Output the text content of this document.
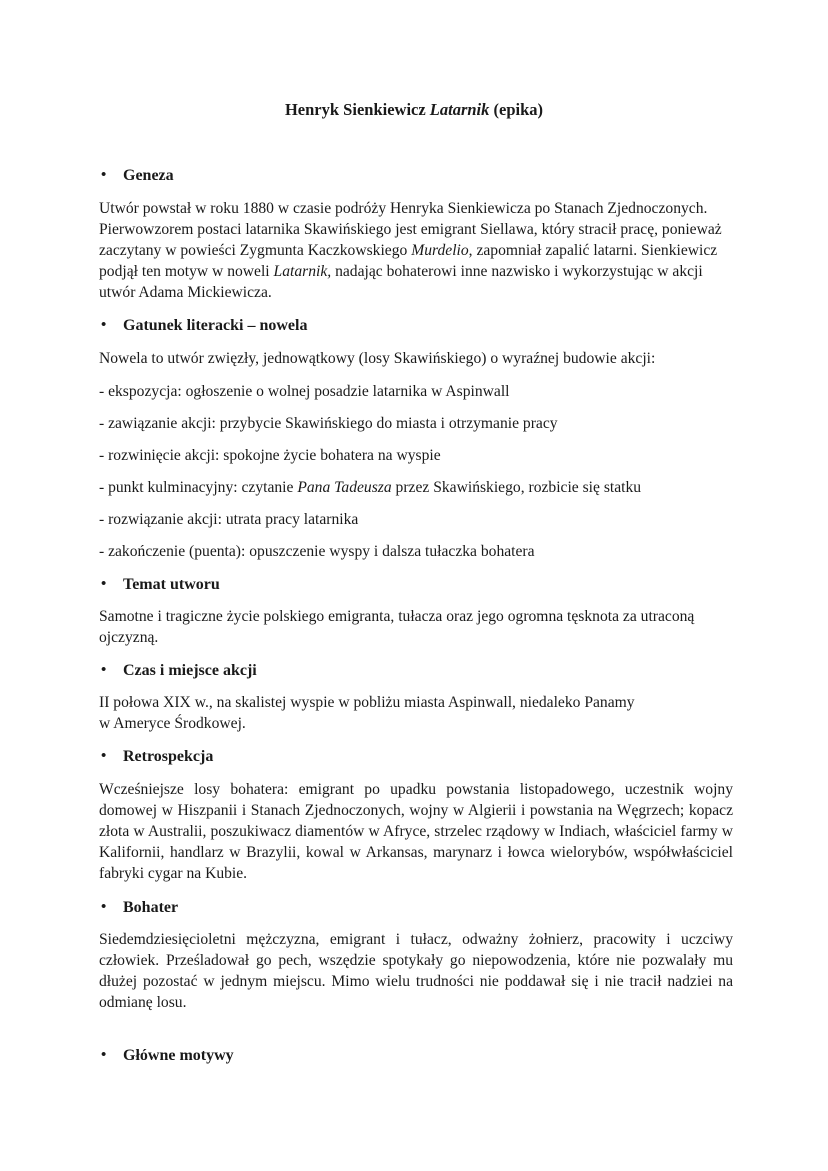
Henryk Sienkiewicz Latarnik (epika)
• Geneza
Utwór powstał w roku 1880 w czasie podróży Henryka Sienkiewicza po Stanach Zjednoczonych. Pierwowzorem postaci latarnika Skawińskiego jest emigrant Siellawa, który stracił pracę, ponieważ zaczytany w powieści Zygmunta Kaczkowskiego Murdelio, zapomniał zapalić latarni. Sienkiewicz podjął ten motyw w noweli Latarnik, nadając bohaterowi inne nazwisko i wykorzystując w akcji utwór Adama Mickiewicza.
• Gatunek literacki – nowela
Nowela to utwór zwięzły, jednowątkowy (losy Skawińskiego) o wyraźnej budowie akcji:
- ekspozycja: ogłoszenie o wolnej posadzie latarnika w Aspinwall
- zawiązanie akcji: przybycie Skawińskiego do miasta i otrzymanie pracy
- rozwinięcie akcji: spokojne życie bohatera na wyspie
- punkt kulminacyjny: czytanie Pana Tadeusza przez Skawińskiego, rozbicie się statku
- rozwiązanie akcji: utrata pracy latarnika
- zakończenie (puenta): opuszczenie wyspy i dalsza tułaczka bohatera
• Temat utworu
Samotne i tragiczne życie polskiego emigranta, tułacza oraz jego ogromna tęsknota za utraconą ojczyzną.
• Czas i miejsce akcji
II połowa XIX w., na skalistej wyspie w pobliżu miasta Aspinwall, niedaleko Panamy
w Ameryce Środkowej.
• Retrospekcja
Wcześniejsze losy bohatera: emigrant po upadku powstania listopadowego, uczestnik wojny domowej w Hiszpanii i Stanach Zjednoczonych, wojny w Algierii i powstania na Węgrzech; kopacz złota w Australii, poszukiwacz diamentów w Afryce, strzelec rządowy w Indiach, właściciel farmy w Kalifornii, handlarz w Brazylii, kowal w Arkansas, marynarz i łowca wielorybów, współwłaściciel fabryki cygar na Kubie.
• Bohater
Siedemdziesięcioletni mężczyzna, emigrant i tułacz, odważny żołnierz, pracowity i uczciwy człowiek. Prześladował go pech, wszędzie spotykały go niepowodzenia, które nie pozwalały mu dłużej pozostać w jednym miejscu. Mimo wielu trudności nie poddawał się i nie tracił nadziei na odmianę losu.
• Główne motywy
